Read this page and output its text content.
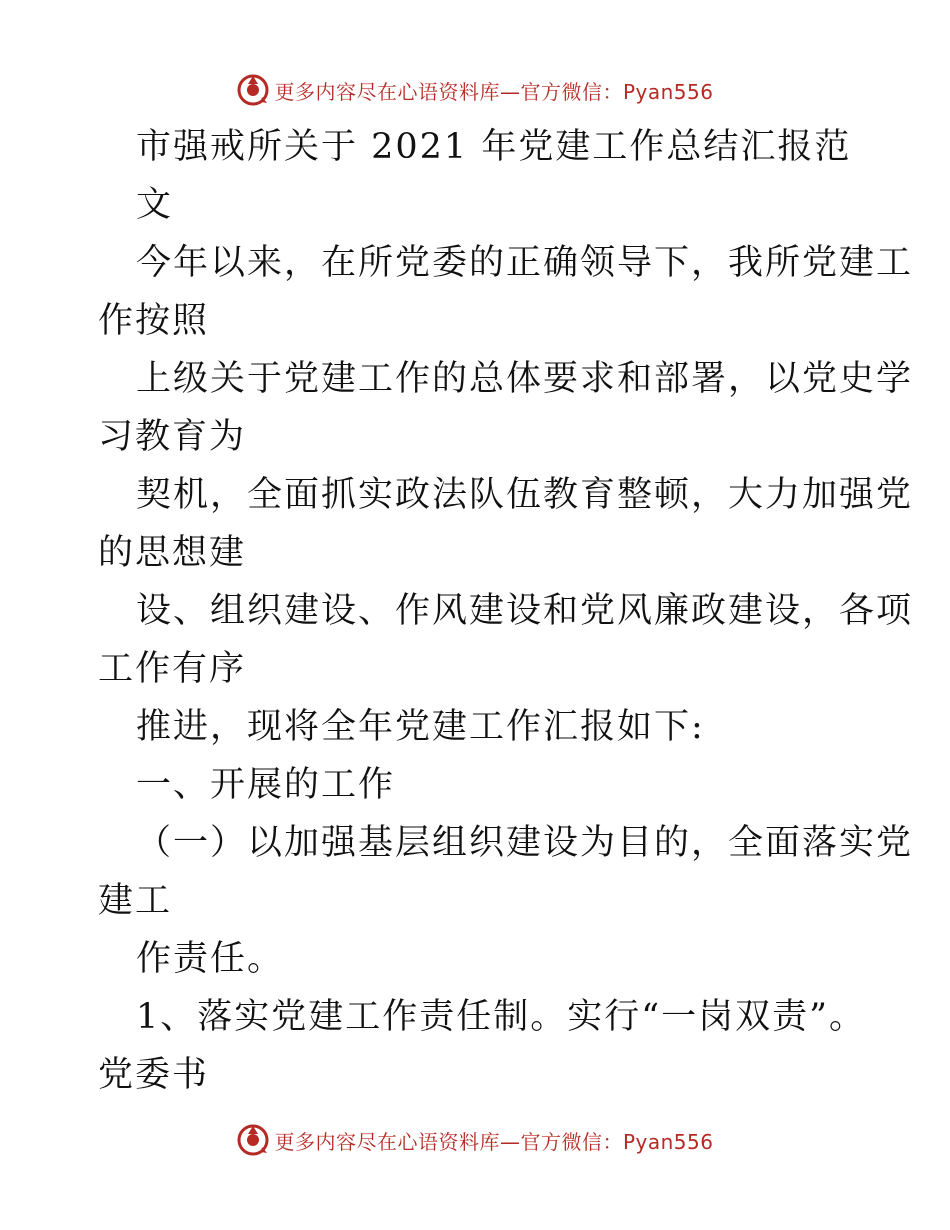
更多内容尽在心语资料库—官方微信：Pyan556
市强戒所关于 2021 年党建工作总结汇报范
文
今年以来，在所党委的正确领导下，我所党建工
作按照
上级关于党建工作的总体要求和部署，以党史学
习教育为
契机，全面抓实政法队伍教育整顿，大力加强党
的思想建
设、组织建设、作风建设和党风廉政建设，各项
工作有序
推进，现将全年党建工作汇报如下:
一、开展的工作
（一）以加强基层组织建设为目的，全面落实党
建工
作责任。
1、落实党建工作责任制。实行“一岗双责”。
党委书
更多内容尽在心语资料库—官方微信：Pyan556
